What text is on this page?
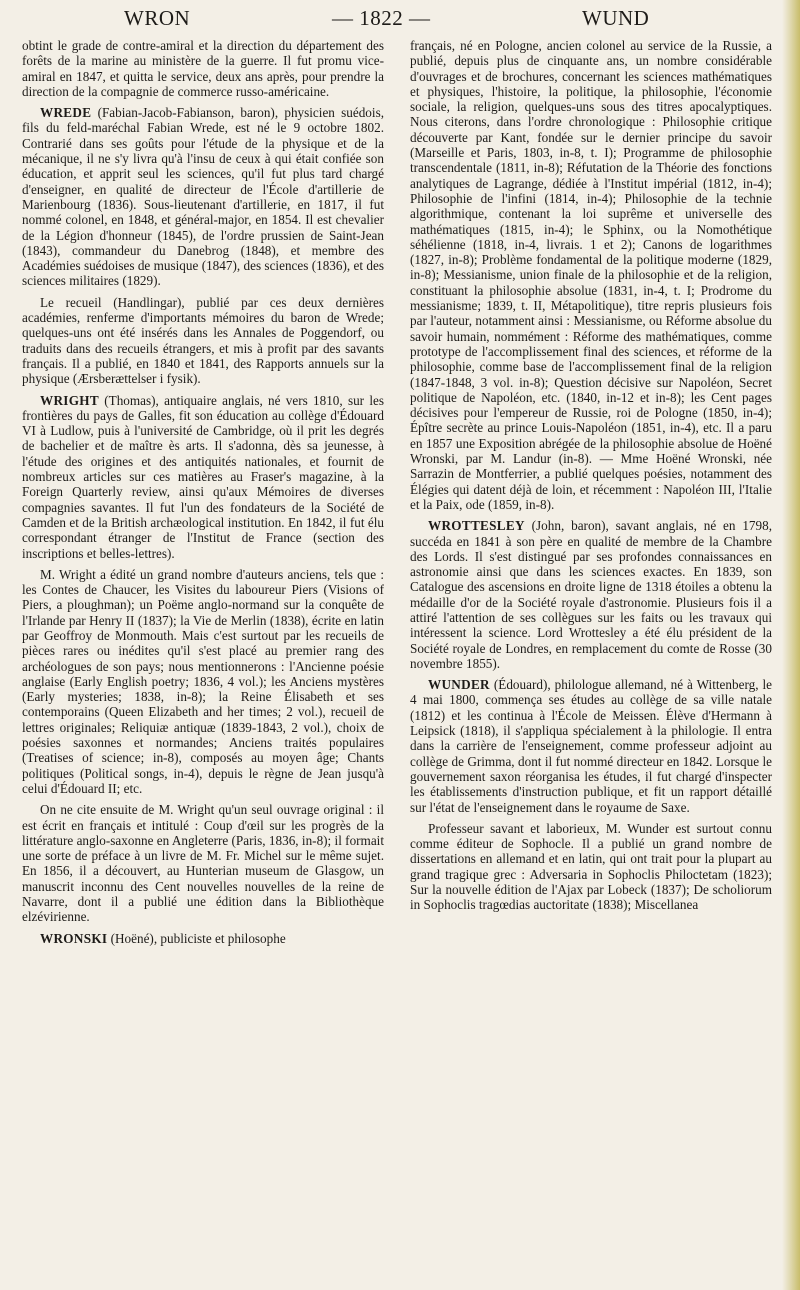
WRON	— 1822 —	WUND

obtint le grade de contre-amiral et la direction du département des forêts de la marine au ministère de la guerre. Il fut promu vice-amiral en 1847, et quitta le service, deux ans après, pour prendre la direction de la compagnie de commerce russo-américaine.

WREDE (Fabian-Jacob-Fabianson, baron), physicien suédois, fils du feld-maréchal Fabian Wrede, est né le 9 octobre 1802. Contrarié dans ses goûts pour l'étude de la physique et de la mécanique, il ne s'y livra qu'à l'insu de ceux à qui était confiée son éducation, et apprit seul les sciences, qu'il fut plus tard chargé d'enseigner, en qualité de directeur de l'École d'artillerie de Marienbourg (1836). Sous-lieutenant d'artillerie, en 1817, il fut nommé colonel, en 1848, et général-major, en 1854. Il est chevalier de la Légion d'honneur (1845), de l'ordre prussien de Saint-Jean (1843), commandeur du Danebrog (1848), et membre des Académies suédoises de musique (1847), des sciences (1836), et des sciences militaires (1829).

Le recueil (Handlingar), publié par ces deux dernières académies, renferme d'importants mémoires du baron de Wrede; quelques-uns ont été insérés dans les Annales de Poggendorf, ou traduits dans des recueils étrangers, et mis à profit par des savants français. Il a publié, en 1840 et 1841, des Rapports annuels sur la physique (Ærsberættelser i fysik).

WRIGHT (Thomas), antiquaire anglais, né vers 1810, sur les frontières du pays de Galles, fit son éducation au collège d'Édouard VI à Ludlow, puis à l'université de Cambridge, où il prit les degrés de bachelier et de maître ès arts. Il s'adonna, dès sa jeunesse, à l'étude des origines et des antiquités nationales, et fournit de nombreux articles sur ces matières au Fraser's magazine, à la Foreign Quarterly review, ainsi qu'aux Mémoires de diverses compagnies savantes. Il fut l'un des fondateurs de la Société de Camden et de la British archæological institution. En 1842, il fut élu correspondant étranger de l'Institut de France (section des inscriptions et belles-lettres).

M. Wright a édité un grand nombre d'auteurs anciens, tels que : les Contes de Chaucer, les Visites du laboureur Piers (Visions of Piers, a ploughman); un Poëme anglo-normand sur la conquête de l'Irlande par Henry II (1837); la Vie de Merlin (1838), écrite en latin par Geoffroy de Monmouth. Mais c'est surtout par les recueils de pièces rares ou inédites qu'il s'est placé au premier rang des archéologues de son pays; nous mentionnerons : l'Ancienne poésie anglaise (Early English poetry; 1836, 4 vol.); les Anciens mystères (Early mysteries; 1838, in-8); la Reine Élisabeth et ses contemporains (Queen Elizabeth and her times; 2 vol.), recueil de lettres originales; Reliquiæ antiquæ (1839-1843, 2 vol.), choix de poésies saxonnes et normandes; Anciens traités populaires (Treatises of science; in-8), composés au moyen âge; Chants politiques (Political songs, in-4), depuis le règne de Jean jusqu'à celui d'Édouard II; etc.

On ne cite ensuite de M. Wright qu'un seul ouvrage original : il est écrit en français et intitulé : Coup d'œil sur les progrès de la littérature anglo-saxonne en Angleterre (Paris, 1836, in-8); il formait une sorte de préface à un livre de M. Fr. Michel sur le même sujet. En 1856, il a découvert, au Hunterian museum de Glasgow, un manuscrit inconnu des Cent nouvelles nouvelles de la reine de Navarre, dont il a publié une édition dans la Bibliothèque elzévirienne.

WRONSKI (Hoëné), publiciste et philosophe

français, né en Pologne, ancien colonel au service de la Russie, a publié, depuis plus de cinquante ans, un nombre considérable d'ouvrages et de brochures, concernant les sciences mathématiques et physiques, l'histoire, la politique, la philosophie, l'économie sociale, la religion, quelques-uns sous des titres apocalyptiques. Nous citerons, dans l'ordre chronologique : Philosophie critique découverte par Kant, fondée sur le dernier principe du savoir (Marseille et Paris, 1803, in-8, t. I); Programme de philosophie transcendentale (1811, in-8); Réfutation de la Théorie des fonctions analytiques de Lagrange, dédiée à l'Institut impérial (1812, in-4); Philosophie de l'infini (1814, in-4); Philosophie de la technie algorithmique, contenant la loi suprême et universelle des mathématiques (1815, in-4); le Sphinx, ou la Nomothétique séhélienne (1818, in-4, livrais. 1 et 2); Canons de logarithmes (1827, in-8); Problème fondamental de la politique moderne (1829, in-8); Messianisme, union finale de la philosophie et de la religion, constituant la philosophie absolue (1831, in-4, t. I; Prodrome du messianisme; 1839, t. II, Métapolitique), titre repris plusieurs fois par l'auteur, notamment ainsi : Messianisme, ou Réforme absolue du savoir humain, nommément : Réforme des mathématiques, comme prototype de l'accomplissement final des sciences, et réforme de la philosophie, comme base de l'accomplissement final de la religion (1847-1848, 3 vol. in-8); Question décisive sur Napoléon, Secret politique de Napoléon, etc. (1840, in-12 et in-8); les Cent pages décisives pour l'empereur de Russie, roi de Pologne (1850, in-4); Épître secrète au prince Louis-Napoléon (1851, in-4), etc. Il a paru en 1857 une Exposition abrégée de la philosophie absolue de Hoëné Wronski, par M. Landur (in-8). — Mme Hoëné Wronski, née Sarrazin de Montferrier, a publié quelques poésies, notamment des Élégies qui datent déjà de loin, et récemment : Napoléon III, l'Italie et la Paix, ode (1859, in-8).

WROTTESLEY (John, baron), savant anglais, né en 1798, succéda en 1841 à son père en qualité de membre de la Chambre des Lords. Il s'est distingué par ses profondes connaissances en astronomie ainsi que dans les sciences exactes. En 1839, son Catalogue des ascensions en droite ligne de 1318 étoiles a obtenu la médaille d'or de la Société royale d'astronomie. Plusieurs fois il a attiré l'attention de ses collègues sur les faits ou les travaux qui intéressent la science. Lord Wrottesley a été élu président de la Société royale de Londres, en remplacement du comte de Rosse (30 novembre 1855).

WUNDER (Édouard), philologue allemand, né à Wittenberg, le 4 mai 1800, commença ses études au collège de sa ville natale (1812) et les continua à l'École de Meissen. Élève d'Hermann à Leipsick (1818), il s'appliqua spécialement à la philologie. Il entra dans la carrière de l'enseignement, comme professeur adjoint au collège de Grimma, dont il fut nommé directeur en 1842. Lorsque le gouvernement saxon réorganisa les études, il fut chargé d'inspecter les établissements d'instruction publique, et fit un rapport détaillé sur l'état de l'enseignement dans le royaume de Saxe.

Professeur savant et laborieux, M. Wunder est surtout connu comme éditeur de Sophocle. Il a publié un grand nombre de dissertations en allemand et en latin, qui ont trait pour la plupart au grand tragique grec : Adversaria in Sophoclis Philoctetam (1823); Sur la nouvelle édition de l'Ajax par Lobeck (1837); De scholiorum in Sophoclis tragœdias auctoritate (1838); Miscellanea
